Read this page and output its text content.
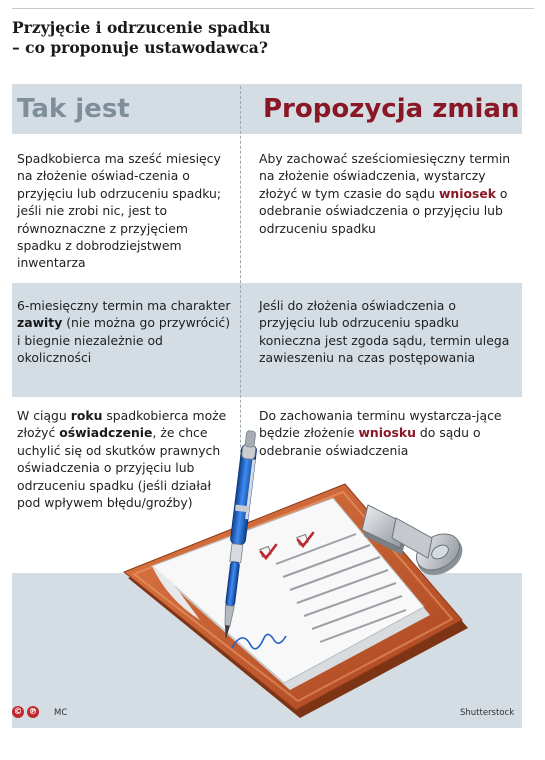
Przyjęcie i odrzucenie spadku
– co proponuje ustawodawca?
Tak jest	Propozycja zmian

Spadkobierca ma sześć miesięcy na złożenie oświad-czenia o przyjęciu lub odrzuceniu spadku; jeśli nie zrobi nic, jest to równoznaczne z przyjęciem spadku z dobrodziejstwem inwentarza

Aby zachować sześciomiesięczny termin na złożenie oświadczenia, wystarczy złożyć w tym czasie do sądu wniosek o odebranie oświadczenia o przyjęciu lub odrzuceniu spadku

6-miesięczny termin ma charakter zawity (nie można go przywrócić) i biegnie niezależnie od okoliczności

Jeśli do złożenia oświadczenia o przyjęciu lub odrzuceniu spadku konieczna jest zgoda sądu, termin ulega zawieszeniu na czas postępowania

W ciągu roku spadkobierca może złożyć oświadczenie, że chce uchylić się od skutków prawnych oświadczenia o przyjęciu lub odrzuceniu spadku (jeśli działał pod wpływem błędu/groźby)

Do zachowania terminu wystarcza-jące będzie złożenie wniosku do sądu o odebranie oświadczenia

© ℗ MC	Shutterstock
